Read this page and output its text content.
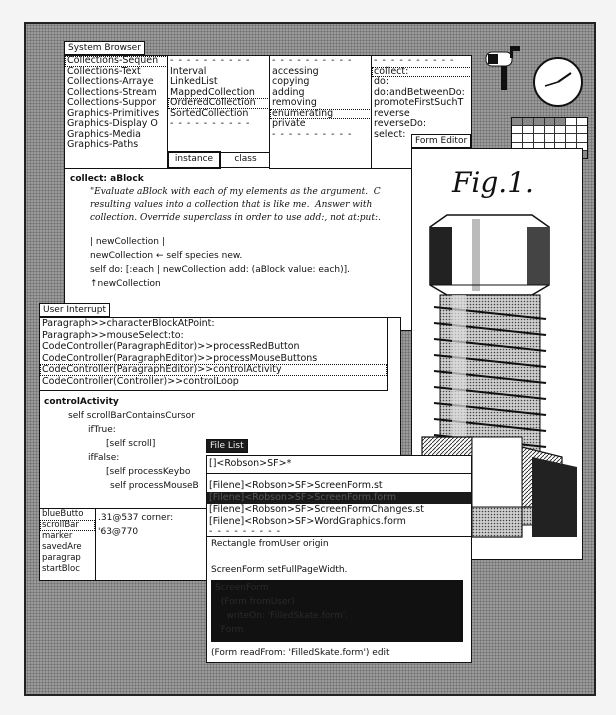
System Browser
Collections-Sequen
Collections-Text
Collections-Arraye
Collections-Stream
Collections-Suppor
Graphics-Primitives
Graphics-Display O
Graphics-Media
Graphics-Paths
- - - - - - - - - -
Interval
LinkedList
MappedCollection
OrderedCollection
SortedCollection
- - - - - - - - - -
instance	class
- - - - - - - - - -
accessing
copying
adding
removing
enumerating
private
- - - - - - - - - -
- - - - - - - - - -
collect:
do:
do:andBetweenDo:
promoteFirstSuchT
reverse
reverseDo:
select:
collect: aBlock
"Evaluate aBlock with each of my elements as the argument.  C
resulting values into a collection that is like me.  Answer with
collection. Override superclass in order to use add:, not at:put:.
| newCollection |
newCollection ← self species new.
self do: [:each | newCollection add: (aBlock value: each)].
↑newCollection
Form Editor
Fig.1.
User Interrupt
Paragraph>>characterBlockAtPoint:
Paragraph>>mouseSelect:to:
CodeController(ParagraphEditor)>>processRedButton
CodeController(ParagraphEditor)>>processMouseButtons
CodeController(ParagraphEditor)>>controlActivity
CodeController(Controller)>>controlLoop
controlActivity
self scrollBarContainsCursor
ifTrue:
[self scroll]
ifFalse:
[self processKeybo
self processMouseB
blueButto
scrollBar
marker
savedAre
paragrap
startBloc
.31@537 corner:
'63@770
File List
[]<Robson>SF>*
[Filene]<Robson>SF>ScreenForm.st
[Filene]<Robson>SF>ScreenForm.form
[Filene]<Robson>SF>ScreenFormChanges.st
[Filene]<Robson>SF>WordGraphics.form
- - - - - - - - -
Rectangle fromUser origin
ScreenForm setFullPageWidth.
ScreenForm
(Form fromUser)
writeOn: 'FilledSkate.form'.
Form
(Form readFrom: 'FilledSkate.form') edit
